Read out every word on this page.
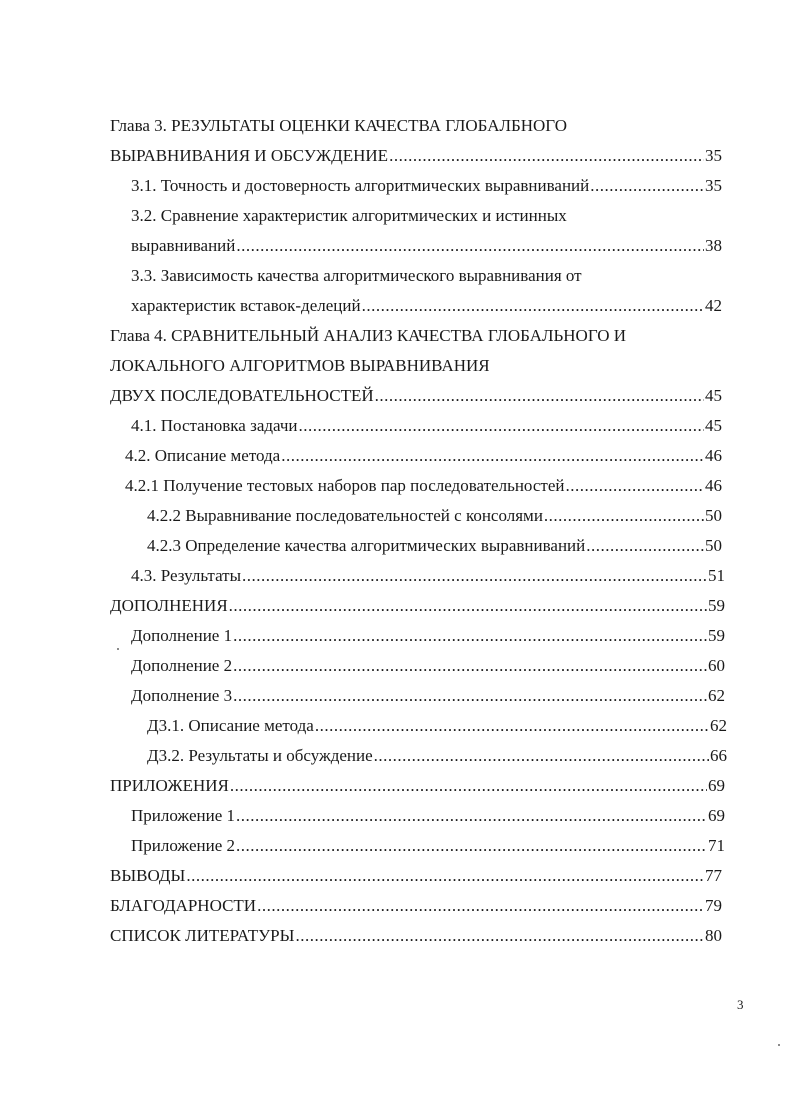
Глава 3. РЕЗУЛЬТАТЫ ОЦЕНКИ КАЧЕСТВА ГЛОБАЛБНОГО
ВЫРАВНИВАНИЯ И ОБСУЖДЕНИЕ .....	35
3.1. Точность и достоверность алгоритмических выравниваний .....	35
3.2. Сравнение характеристик алгоритмических и истинных
выравниваний .....	38
3.3. Зависимость качества алгоритмического выравнивания от
характеристик вставок-делеций .....	42
Глава 4. СРАВНИТЕЛЬНЫЙ АНАЛИЗ КАЧЕСТВА ГЛОБАЛЬНОГО И
ЛОКАЛЬНОГО АЛГОРИТМОВ ВЫРАВНИВАНИЯ
ДВУХ ПОСЛЕДОВАТЕЛЬНОСТЕЙ .....	45
4.1. Постановка задачи .....	45
4.2. Описание метода .....	46
4.2.1 Получение тестовых наборов пар последовательностей .....	46
4.2.2 Выравнивание последовательностей с консолями .....	50
4.2.3 Определение качества алгоритмических выравниваний .....	50
4.3. Результаты .....	51
ДОПОЛНЕНИЯ .....	59
Дополнение 1 .....	59
Дополнение 2 .....	60
Дополнение 3 .....	62
Д3.1. Описание метода .....	62
Д3.2. Результаты и обсуждение .....	66
ПРИЛОЖЕНИЯ .....	69
Приложение 1 .....	69
Приложение 2 .....	71
ВЫВОДЫ .....	77
БЛАГОДАРНОСТИ .....	79
СПИСОК ЛИТЕРАТУРЫ .....	80
3
